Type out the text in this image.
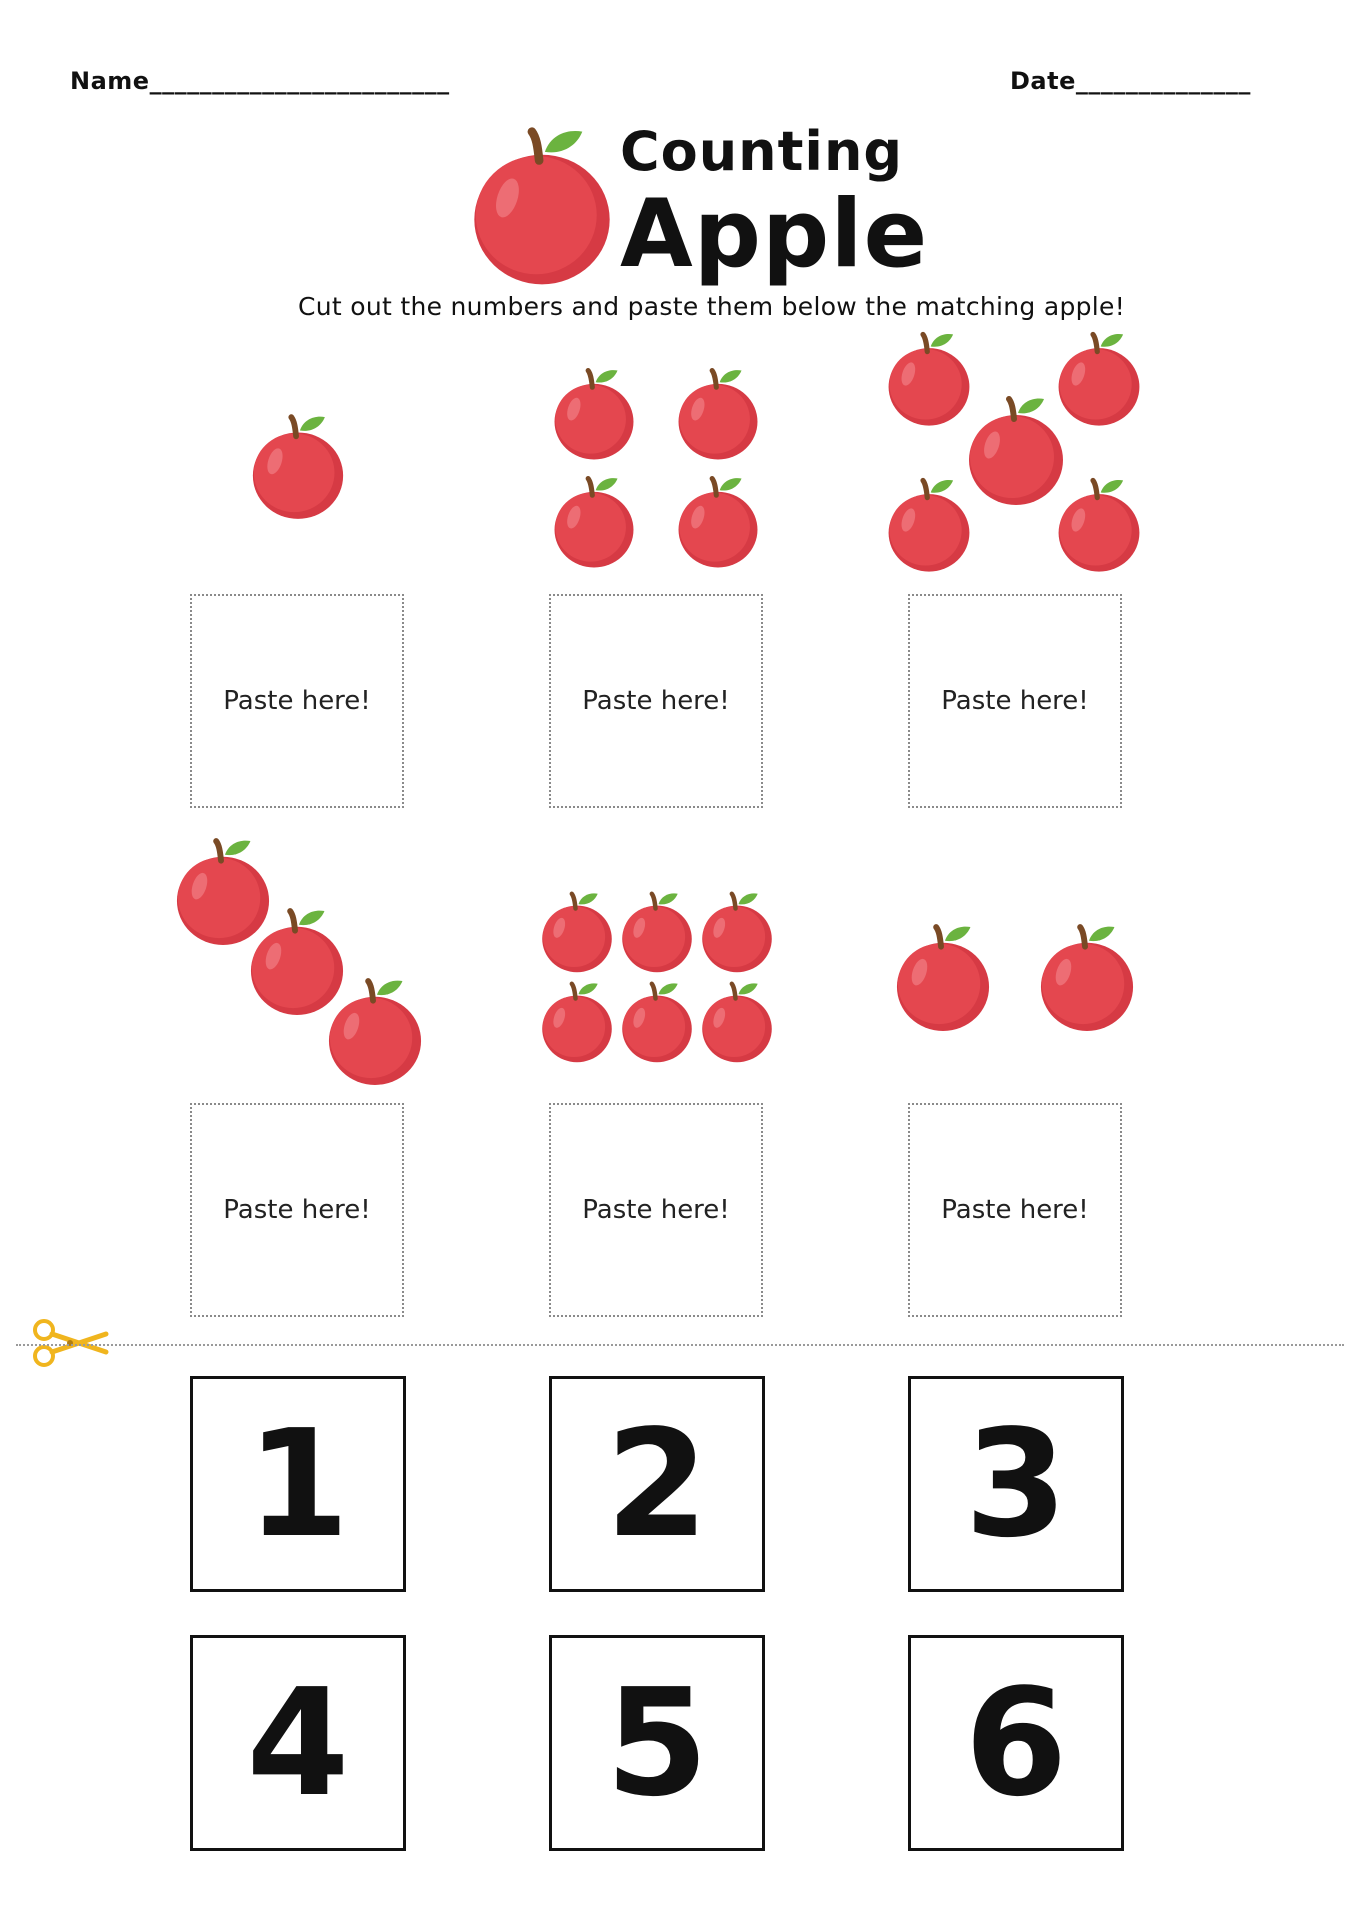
Name________________________	Date______________
Counting
Apple
Cut out the numbers and paste them below the matching apple!
Paste here!	Paste here!	Paste here!
Paste here!	Paste here!	Paste here!
1 2 3
4 5 6
